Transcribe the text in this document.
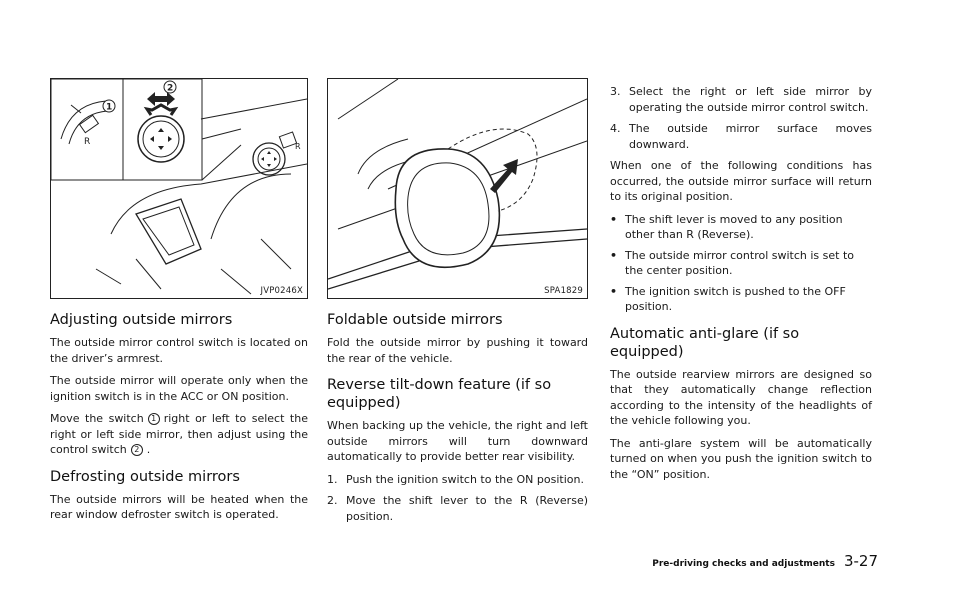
R
1
2
R
JVP0246X
Adjusting outside mirrors

The outside mirror control switch is located on the driver’s armrest.

The outside mirror will operate only when the ignition switch is in the ACC or ON position.

Move the switch 1 right or left to select the right or left side mirror, then adjust using the control switch 2 .

Defrosting outside mirrors

The outside mirrors will be heated when the rear window defroster switch is operated.

SPA1829
Foldable outside mirrors

Fold the outside mirror by pushing it toward the rear of the vehicle.

Reverse tilt-down feature (if so equipped)

When backing up the vehicle, the right and left outside mirrors will turn downward automatically to provide better rear visibility.

1. Push the ignition switch to the ON position.
2. Move the shift lever to the R (Reverse) position.
3. Select the right or left side mirror by operating the outside mirror control switch.
4. The outside mirror surface moves downward.

When one of the following conditions has occurred, the outside mirror surface will return to its original position.

• The shift lever is moved to any position other than R (Reverse).
• The outside mirror control switch is set to the center position.
• The ignition switch is pushed to the OFF position.
Automatic anti-glare (if so equipped)

The outside rearview mirrors are designed so that they automatically change reflection according to the intensity of the headlights of the vehicle following you.

The anti-glare system will be automatically turned on when you push the ignition switch to the “ON” position.

Pre-driving checks and adjustments 3-27
